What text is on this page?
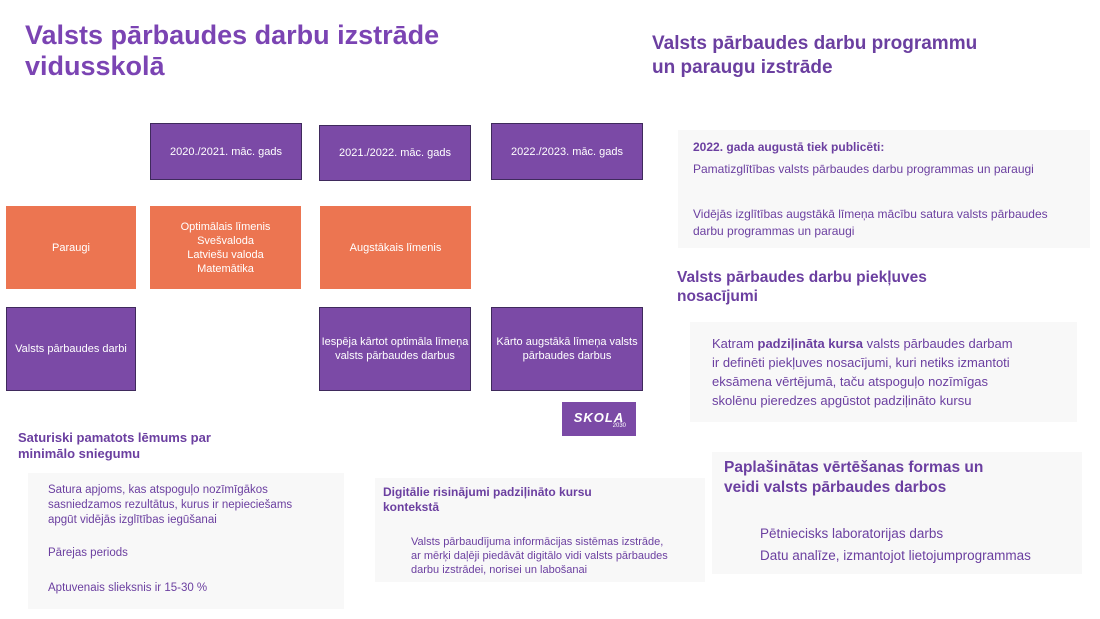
Valsts pārbaudes darbu izstrāde
vidusskolā
Valsts pārbaudes darbu programmu
un paraugu izstrāde
2020./2021. māc. gads	2021./2022. māc. gads	2022./2023. māc. gads
Paraugi
Optimālais līmenis
Svešvaloda
Latviešu valoda
Matemātika
Augstākais līmenis
Valsts pārbaudes darbi
Iespēja kārtot optimāla līmeņa
valsts pārbaudes darbus
Kārto augstākā līmeņa valsts
pārbaudes darbus
SKOLA
2030
Saturiski pamatots lēmums par
minimālo sniegumu
Satura apjoms, kas atspoguļo nozīmīgākos
sasniedzamos rezultātus, kurus ir nepieciešams
apgūt vidējās izglītības iegūšanai
Pārejas periods
Aptuvenais slieksnis ir 15-30 %
Digitālie risinājumi padziļināto kursu
kontekstā
Valsts pārbaudījuma informācijas sistēmas izstrāde,
ar mērķi daļēji piedāvāt digitālo vidi valsts pārbaudes
darbu izstrādei, norisei un labošanai
2022. gada augustā tiek publicēti:
Pamatizglītības valsts pārbaudes darbu programmas un paraugi
Vidējās izglītības augstākā līmeņa mācību satura valsts pārbaudes
darbu programmas un paraugi
Valsts pārbaudes darbu piekļuves
nosacījumi
Katram padziļināta kursa valsts pārbaudes darbam
ir definēti piekļuves nosacījumi, kuri netiks izmantoti
eksāmena vērtējumā, taču atspoguļo nozīmīgas
skolēnu pieredzes apgūstot padziļināto kursu
Paplašinātas vērtēšanas formas un
veidi valsts pārbaudes darbos
Pētniecisks laboratorijas darbs
Datu analīze, izmantojot lietojumprogrammas
